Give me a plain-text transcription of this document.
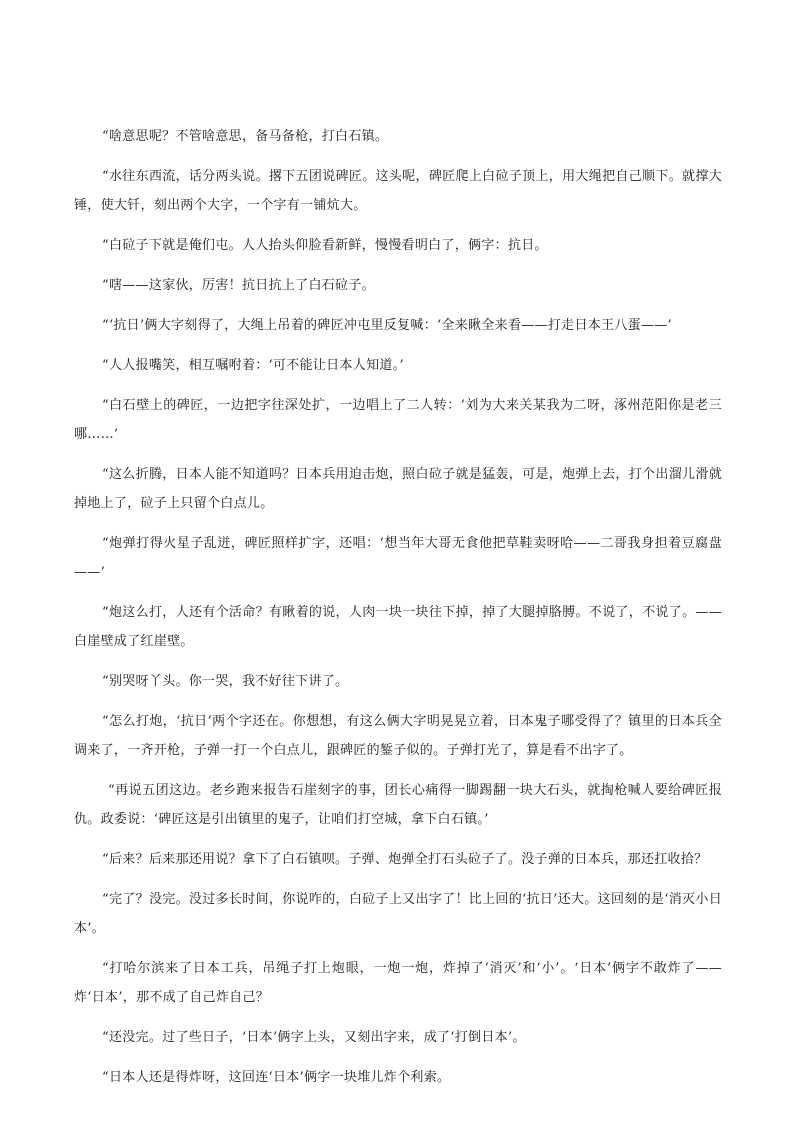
“啥意思呢？不管啥意思，备马备枪，打白石镇。

“水往东西流，话分两头说。撂下五团说碑匠。这头呢，碑匠爬上白砬子顶上，用大绳把自己顺下。就撑大锤，使大钎，刻出两个大字，一个字有一铺炕大。

“白砬子下就是俺们屯。人人抬头仰脸看新鲜，慢慢看明白了，俩字：抗日。

“嗐——这家伙，厉害！抗日抗上了白石砬子。

“‘抗日’俩大字刻得了，大绳上吊着的碑匠冲屯里反复喊：‘全来瞅全来看——打走日本王八蛋——’

“人人报嘴笑，相互嘱咐着：‘可不能让日本人知道。’

“白石壁上的碑匠，一边把字往深处扩，一边唱上了二人转：‘刘为大来关某我为二呀，涿州范阳你是老三哪……’

“这么折腾，日本人能不知道吗？日本兵用迫击炮，照白砬子就是猛轰，可是，炮弹上去，打个出溜儿滑就掉地上了，砬子上只留个白点儿。

“炮弹打得火星子乱迸，碑匠照样扩字，还唱：‘想当年大哥无食他把草鞋卖呀哈——二哥我身担着豆腐盘——’

“炮这么打，人还有个活命？有瞅着的说，人肉一块一块往下掉，掉了大腿掉胳膊。不说了，不说了。——白崖壁成了红崖壁。

“别哭呀丫头。你一哭，我不好往下讲了。

“怎么打炮，‘抗日’两个字还在。你想想，有这么俩大字明晃晃立着，日本鬼子哪受得了？镇里的日本兵全调来了，一齐开枪，子弹一打一个白点儿，跟碑匠的錾子似的。子弹打光了，算是看不出字了。

“再说五团这边。老乡跑来报告石崖刻字的事，团长心痛得一脚踢翻一块大石头，就掏枪喊人要给碑匠报仇。政委说：‘碑匠这是引出镇里的鬼子，让咱们打空城，拿下白石镇。’

“后来？后来那还用说？拿下了白石镇呗。子弹、炮弹全打石头砬子了。没子弹的日本兵，那还扛收拾？

“完了？没完。没过多长时间，你说咋的，白砬子上又出字了！比上回的‘抗日’还大。这回刻的是‘消灭小日本’。

“打哈尔滨来了日本工兵，吊绳子打上炮眼，一炮一炮，炸掉了‘消灭’和‘小’。‘日本’俩字不敢炸了——炸‘日本’，那不成了自己炸自己？

“还没完。过了些日子，‘日本’俩字上头，又刻出字来，成了‘打倒日本’。

“日本人还是得炸呀，这回连‘日本’俩字一块堆儿炸个利索。
